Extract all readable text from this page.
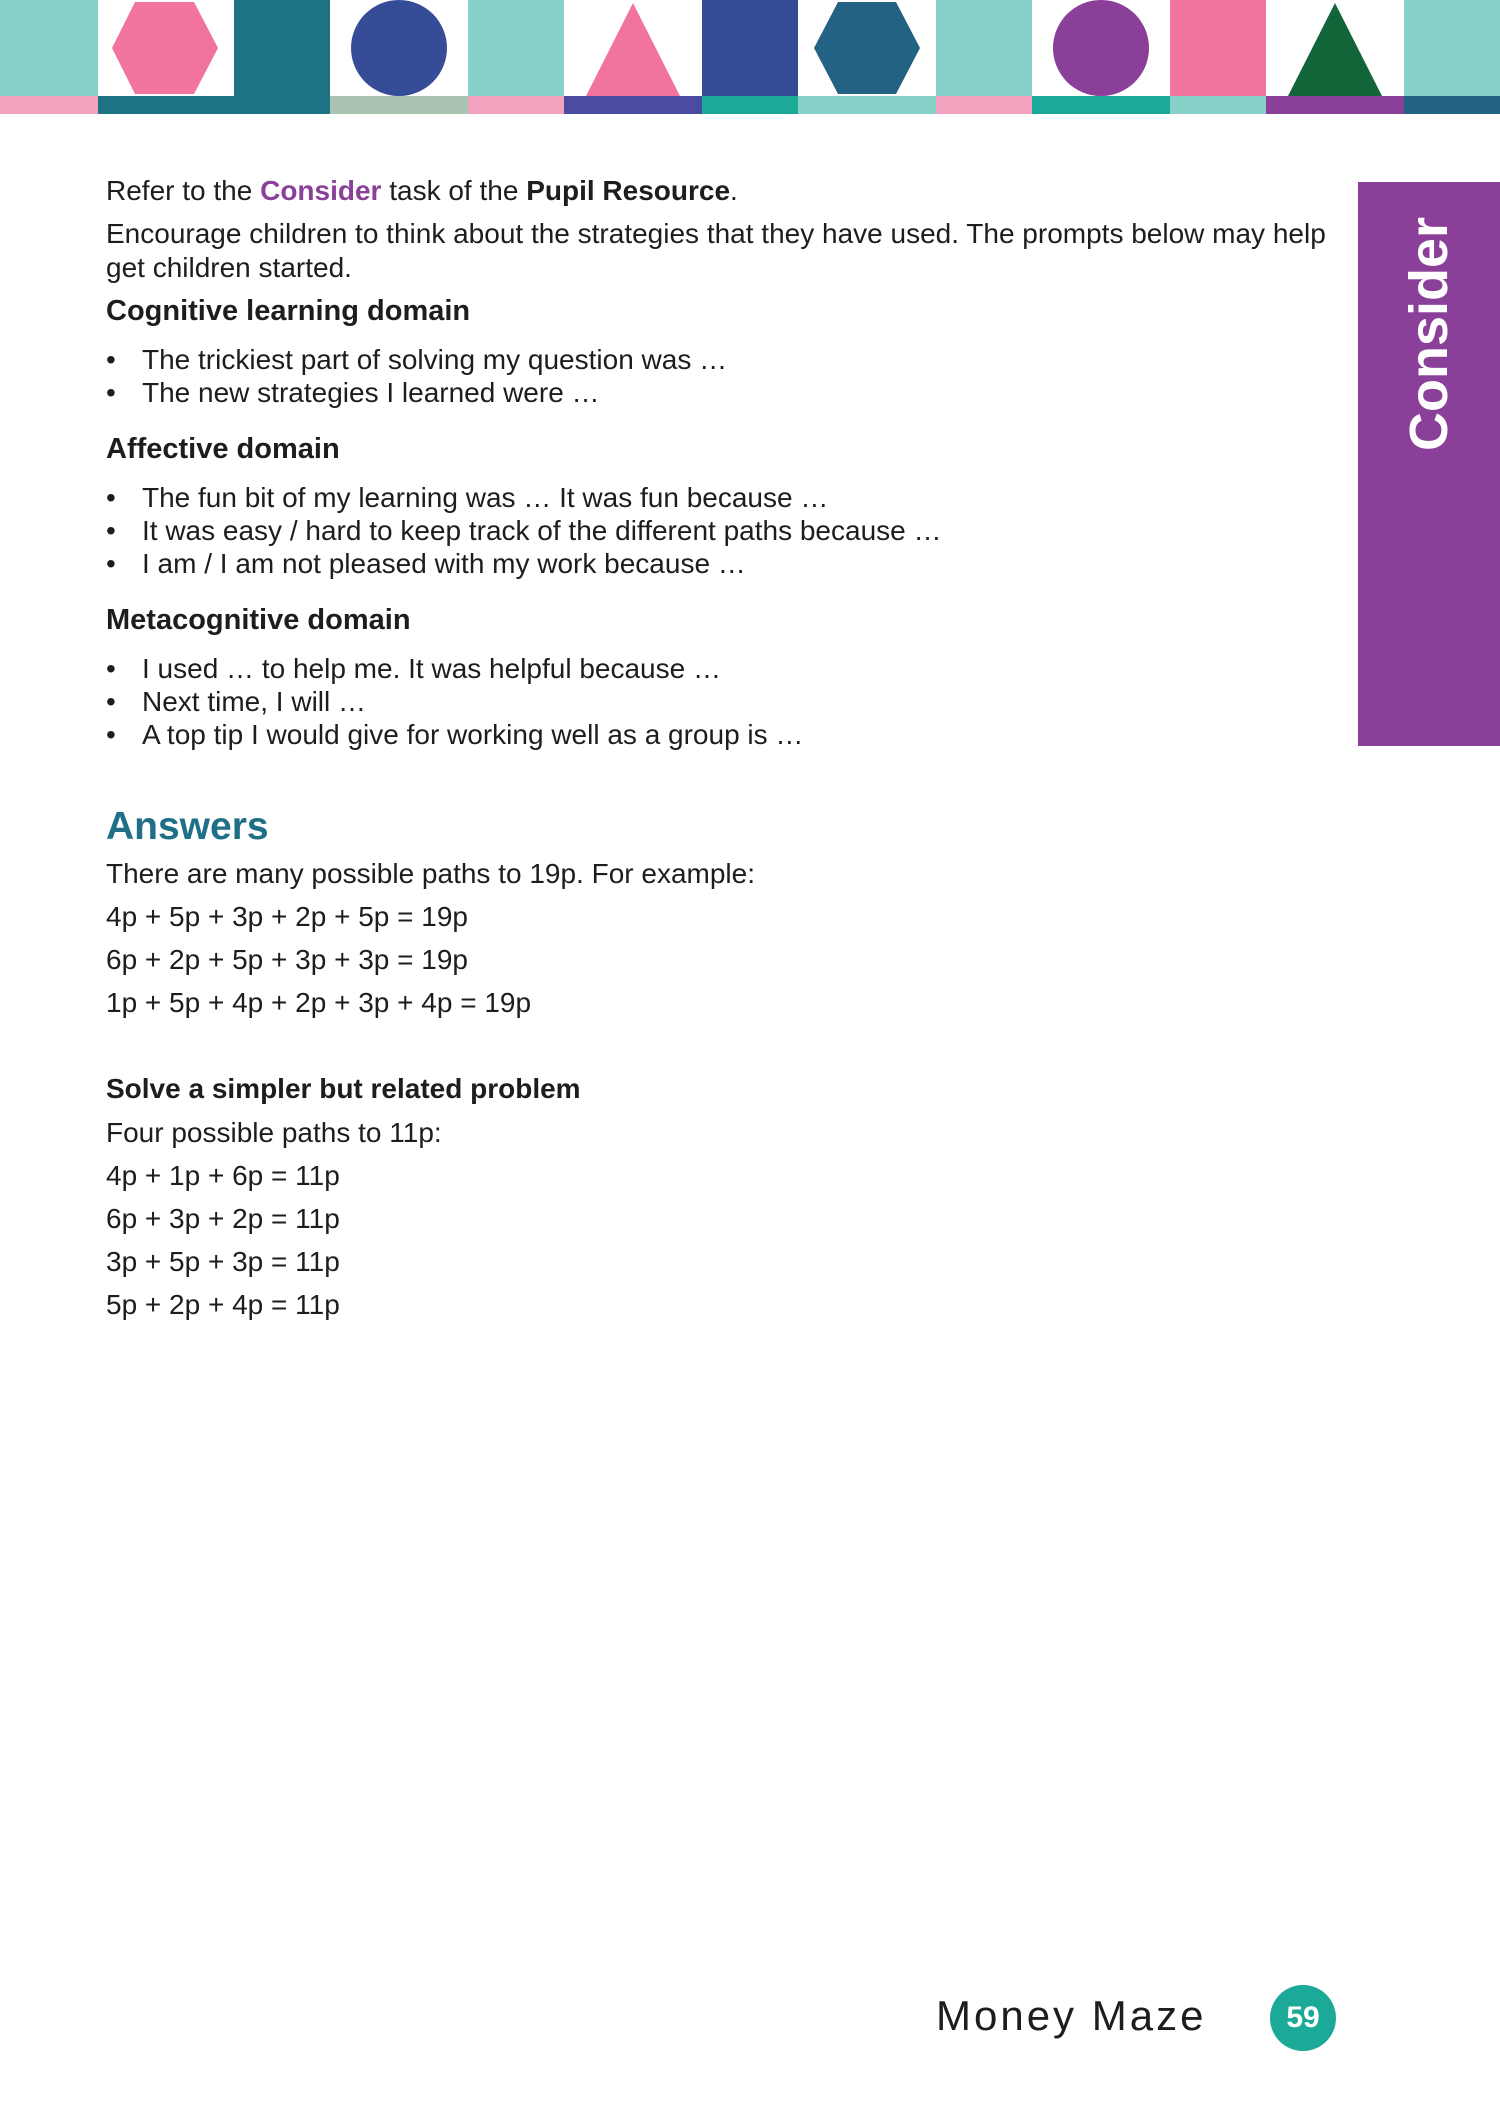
Consider

Refer to the Consider task of the Pupil Resource.

Encourage children to think about the strategies that they have used. The prompts below may help get children started.

Cognitive learning domain
• The trickiest part of solving my question was …
• The new strategies I learned were …
Affective domain
• The fun bit of my learning was … It was fun because …
• It was easy / hard to keep track of the different paths because …
• I am / I am not pleased with my work because …
Metacognitive domain
• I used … to help me. It was helpful because …
• Next time, I will …
• A top tip I would give for working well as a group is …
Answers

There are many possible paths to 19p. For example:

4p + 5p + 3p + 2p + 5p = 19p

6p + 2p + 5p + 3p + 3p = 19p

1p + 5p + 4p + 2p + 3p + 4p = 19p

Solve a simpler but related problem

Four possible paths to 11p:

4p + 1p + 6p = 11p

6p + 3p + 2p = 11p

3p + 5p + 3p = 11p

5p + 2p + 4p = 11p

Money Maze	59
